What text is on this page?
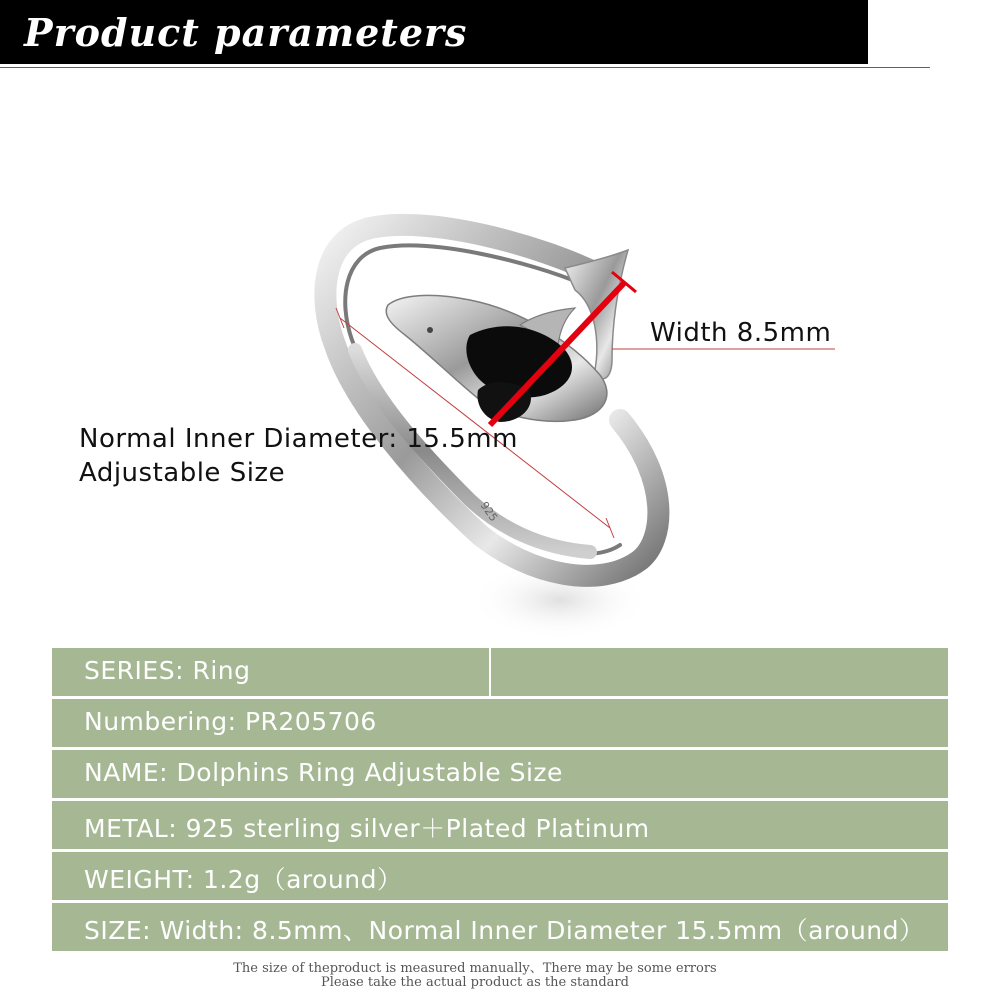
Product parameters
925
Width 8.5mm
Normal Inner Diameter: 15.5mm
Adjustable Size
SERIES: Ring
Numbering: PR205706
NAME: Dolphins Ring Adjustable Size
METAL: 925 sterling silver＋Plated Platinum
WEIGHT: 1.2g（around）
SIZE: Width: 8.5mm、Normal Inner Diameter 15.5mm（around）
The size of theproduct is measured manually、There may be some errors
Please take the actual product as the standard
